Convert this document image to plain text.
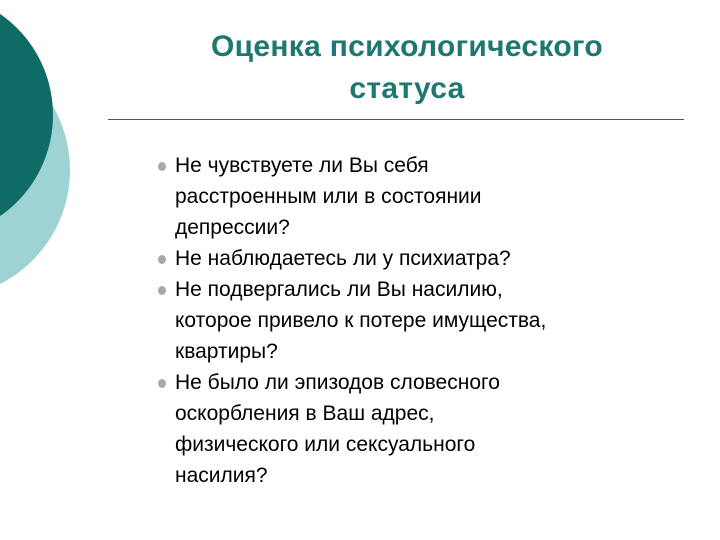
Оценка психологического
статуса
Не чувствуете ли Вы себя
расстроенным или в состоянии
депрессии?
Не наблюдаетесь ли у психиатра?
Не подвергались ли Вы насилию,
которое привело к потере имущества,
квартиры?
Не было ли эпизодов словесного
оскорбления в Ваш адрес,
физического или сексуального
насилия?
